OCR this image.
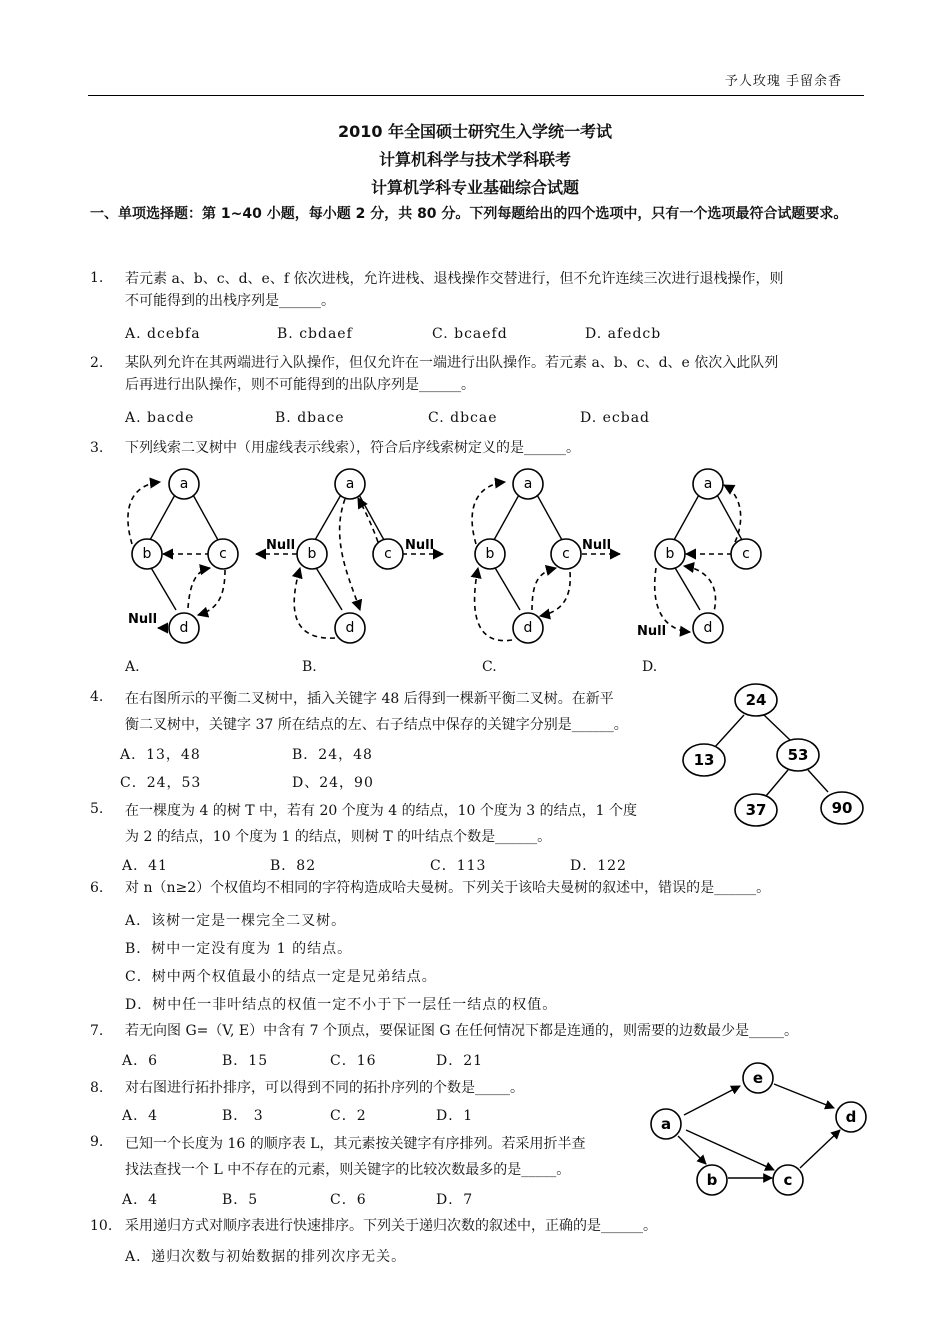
予人玫瑰 手留余香
2010 年全国硕士研究生入学统一考试
计算机科学与技术学科联考
计算机学科专业基础综合试题
一、单项选择题：第 1~40 小题，每小题 2 分，共 80 分。下列每题给出的四个选项中，只有一个选项最符合试题要求。
1. 若元素 a、b、c、d、e、f 依次进栈，允许进栈、退栈操作交替进行，但不允许连续三次进行退栈操作，则
不可能得到的出栈序列是______。
A. dcebfa	B. cbdaef	C. bcaefd	D. afedcb
2. 某队列允许在其两端进行入队操作，但仅允许在一端进行出队操作。若元素 a、b、c、d、e 依次入此队列
后再进行出队操作，则不可能得到的出队序列是______。
A. bacde	B. dbace	C. dbcae	D. ecbad
3. 下列线索二叉树中（用虚线表示线索），符合后序线索树定义的是______。
Null
a
b	c
d
Null	Null
a
b	c
d
Null
a
b	c
d	Null
a
b	c
d
A.	B.	C.	D.
4. 在右图所示的平衡二叉树中，插入关键字 48 后得到一棵新平衡二叉树。在新平
衡二叉树中，关键字 37 所在结点的左、右子结点中保存的关键字分别是______。
A．13，48	B．24，48
C．24，53	D、24，90
24
13	53
37	90
5. 在一棵度为 4 的树 T 中，若有 20 个度为 4 的结点，10 个度为 3 的结点，1 个度
为 2 的结点，10 个度为 1 的结点，则树 T 的叶结点个数是______。
A．41	B．82	C．113	D．122
6. 对 n（n≥2）个权值均不相同的字符构造成哈夫曼树。下列关于该哈夫曼树的叙述中，错误的是______。
A．该树一定是一棵完全二叉树。
B．树中一定没有度为 1 的结点。
C．树中两个权值最小的结点一定是兄弟结点。
D．树中任一非叶结点的权值一定不小于下一层任一结点的权值。
7. 若无向图 G=（V, E）中含有 7 个顶点，要保证图 G 在任何情况下都是连通的，则需要的边数最少是_____。
A．6	B．15	C．16	D．21
8. 对右图进行拓扑排序，可以得到不同的拓扑序列的个数是_____。
A．4	B． 3	C．2	D．1	a
e
d
b	c
9. 已知一个长度为 16 的顺序表 L，其元素按关键字有序排列。若采用折半查
找法查找一个 L 中不存在的元素，则关键字的比较次数最多的是_____。
A．4	B．5	C．6	D．7
10. 采用递归方式对顺序表进行快速排序。下列关于递归次数的叙述中，正确的是______。
A．递归次数与初始数据的排列次序无关。
